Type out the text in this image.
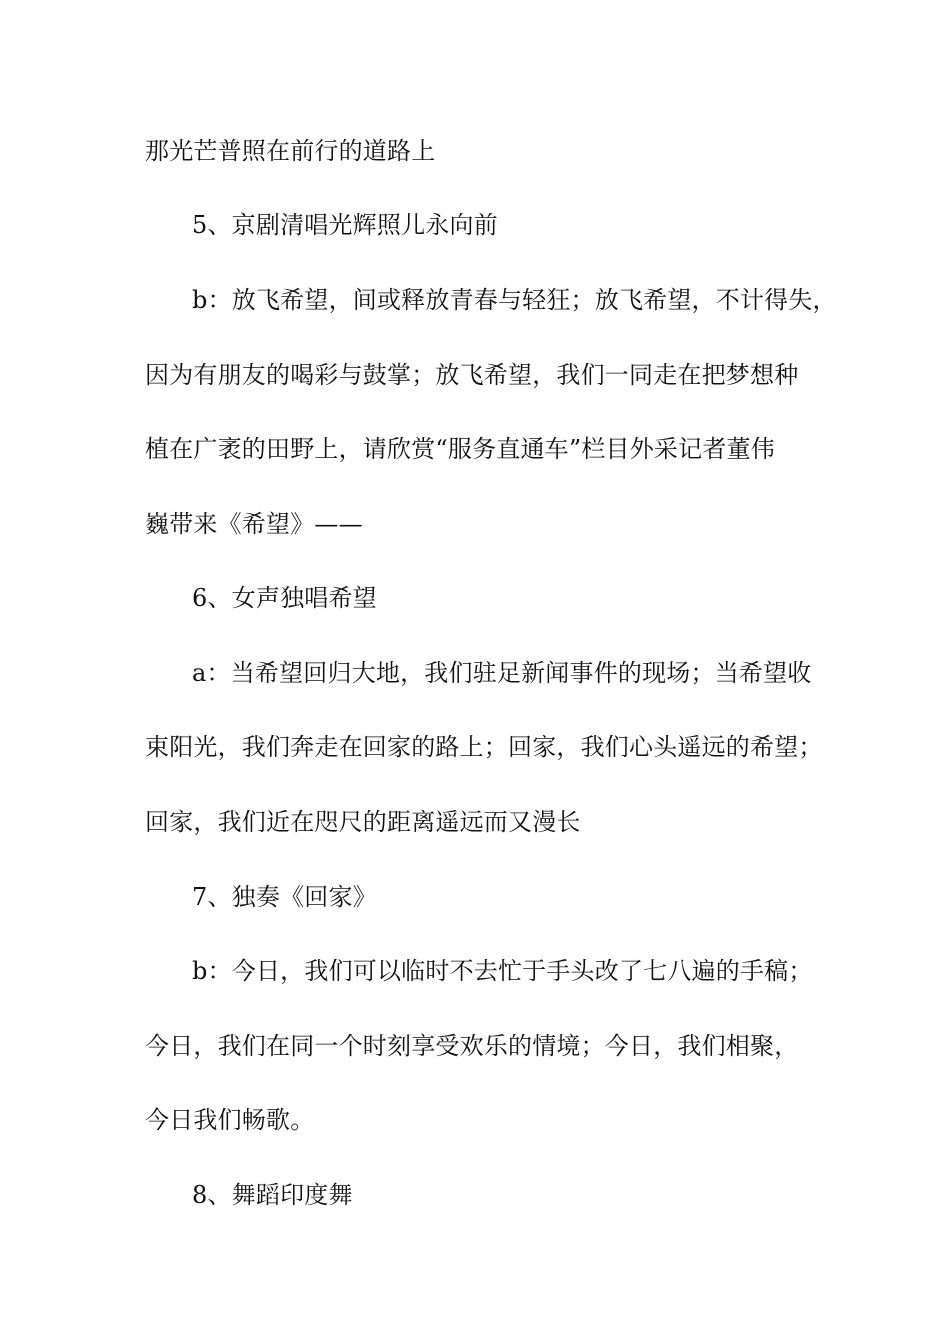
那光芒普照在前行的道路上
5、京剧清唱光辉照儿永向前
b：放飞希望，间或释放青春与轻狂；放飞希望，不计得失，
因为有朋友的喝彩与鼓掌；放飞希望，我们一同走在把梦想种
植在广袤的田野上，请欣赏“服务直通车”栏目外采记者董伟
巍带来《希望》——
6、女声独唱希望
a：当希望回归大地，我们驻足新闻事件的现场；当希望收
束阳光，我们奔走在回家的路上；回家，我们心头遥远的希望；
回家，我们近在咫尺的距离遥远而又漫长
7、独奏《回家》
b：今日，我们可以临时不去忙于手头改了七八遍的手稿；
今日，我们在同一个时刻享受欢乐的情境；今日，我们相聚，
今日我们畅歌。
8、舞蹈印度舞
